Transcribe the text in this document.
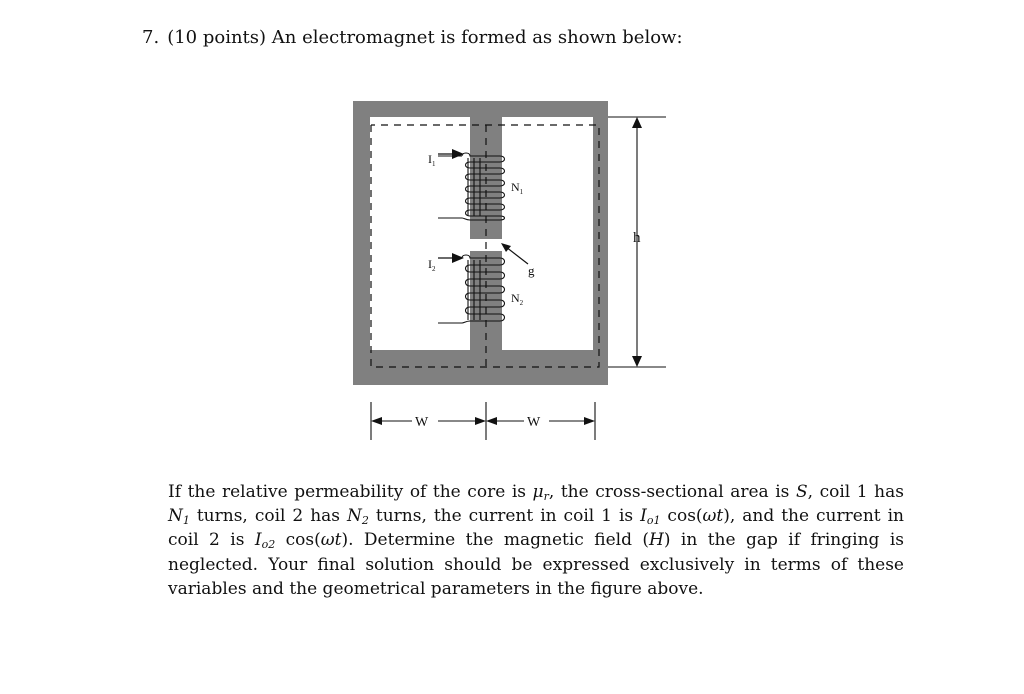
7. (10 points) An electromagnet is formed as shown below:
$I_1$
$I_2$
$N_1$
$N_2$
g
h
W	W
If the relative permeability of the core is $\mu_r$, the cross-sectional area is S, coil 1 has $N_1$ turns, coil 2 has $N_2$ turns, the current in coil 1 is $I_{o1}$ cos(ωt), and the current in coil 2 is $I_{o2}$ cos(ωt). Determine the magnetic field (H) in the gap if fringing is neglected. Your final solution should be expressed exclusively in terms of these variables and the geometrical parameters in the figure above.
